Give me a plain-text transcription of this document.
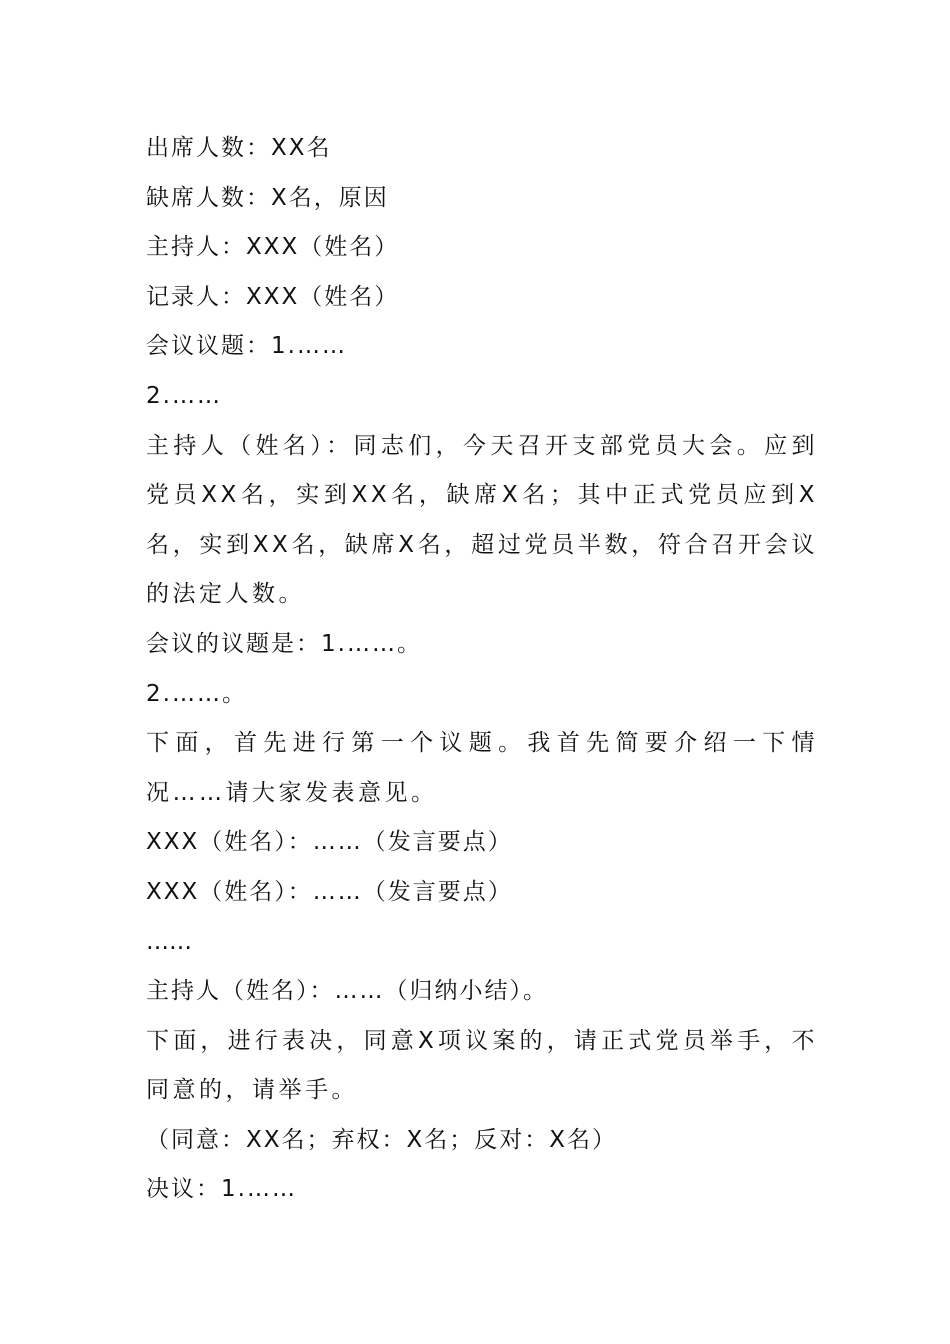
出席人数：XX名
缺席人数：X名，原因
主持人：XXX（姓名）
记录人：XXX（姓名）
会议议题：1.……
2.……
主持人（姓名）：同志们，今天召开支部党员大会。应到党员XX名，实到XX名，缺席X名；其中正式党员应到X名，实到XX名，缺席X名，超过党员半数，符合召开会议的法定人数。
会议的议题是：1.……。
2.……。
下面，首先进行第一个议题。我首先简要介绍一下情况……请大家发表意见。
XXX（姓名）：……（发言要点）
XXX（姓名）：……（发言要点）
……
主持人（姓名）：……（归纳小结）。
下面，进行表决，同意X项议案的，请正式党员举手，不同意的，请举手。
（同意：XX名；弃权：X名；反对：X名）
决议：1.……
